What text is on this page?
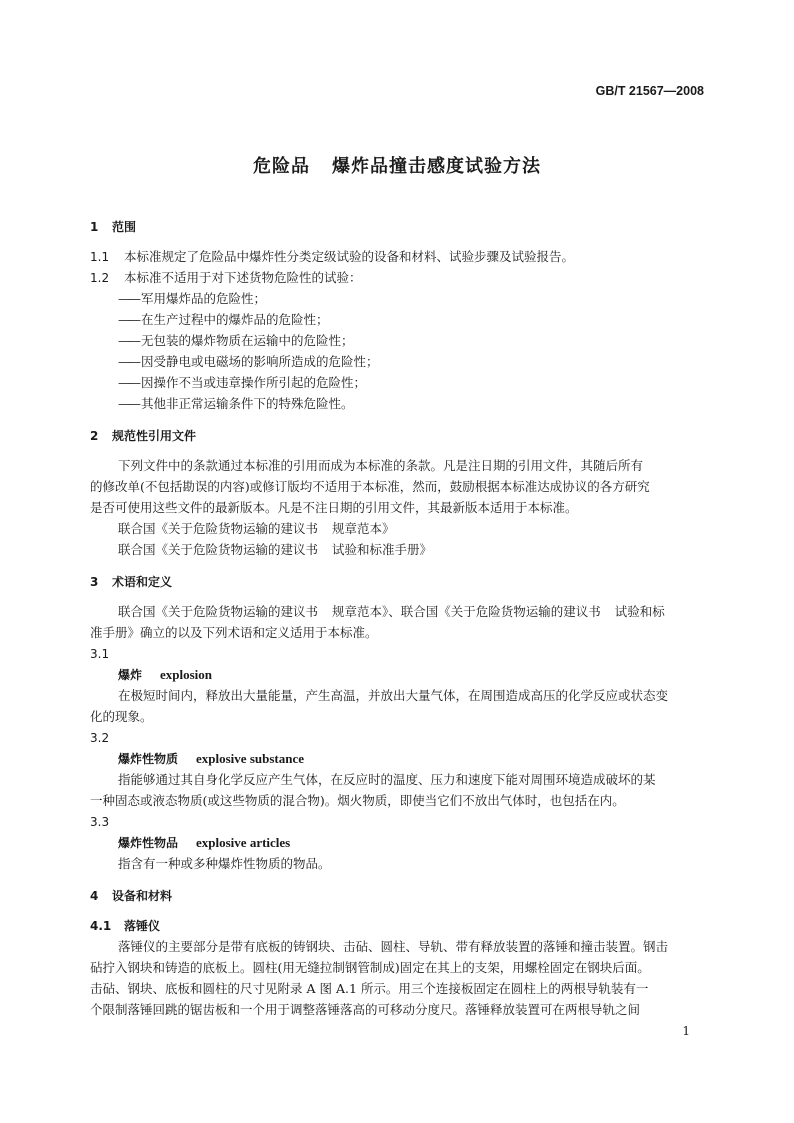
GB/T 21567—2008
危险品 爆炸品撞击感度试验方法
1 范围
1.1 本标准规定了危险品中爆炸性分类定级试验的设备和材料、试验步骤及试验报告。
1.2 本标准不适用于对下述货物危险性的试验：
—— 军用爆炸品的危险性；
—— 在生产过程中的爆炸品的危险性；
—— 无包装的爆炸物质在运输中的危险性；
—— 因受静电或电磁场的影响所造成的危险性；
—— 因操作不当或违章操作所引起的危险性；
—— 其他非正常运输条件下的特殊危险性。
2 规范性引用文件
下列文件中的条款通过本标准的引用而成为本标准的条款。凡是注日期的引用文件，其随后所有
的修改单(不包括勘误的内容)或修订版均不适用于本标准，然而，鼓励根据本标准达成协议的各方研究
是否可使用这些文件的最新版本。凡是不注日期的引用文件，其最新版本适用于本标准。
联合国《关于危险货物运输的建议书 规章范本》
联合国《关于危险货物运输的建议书 试验和标准手册》
3 术语和定义
联合国《关于危险货物运输的建议书 规章范本》、联合国《关于危险货物运输的建议书 试验和标
准手册》确立的以及下列术语和定义适用于本标准。
3.1
爆炸 explosion
在极短时间内，释放出大量能量，产生高温，并放出大量气体，在周围造成高压的化学反应或状态变
化的现象。
3.2
爆炸性物质 explosive substance
指能够通过其自身化学反应产生气体，在反应时的温度、压力和速度下能对周围环境造成破坏的某
一种固态或液态物质(或这些物质的混合物)。烟火物质，即使当它们不放出气体时，也包括在内。
3.3
爆炸性物品 explosive articles
指含有一种或多种爆炸性物质的物品。
4 设备和材料
4.1 落锤仪
落锤仪的主要部分是带有底板的铸钢块、击砧、圆柱、导轨、带有释放装置的落锤和撞击装置。钢击
砧拧入钢块和铸造的底板上。圆柱(用无缝拉制钢管制成)固定在其上的支架，用螺栓固定在钢块后面。
击砧、钢块、底板和圆柱的尺寸见附录 A 图 A.1 所示。用三个连接板固定在圆柱上的两根导轨装有一
个限制落锤回跳的锯齿板和一个用于调整落锤落高的可移动分度尺。落锤释放装置可在两根导轨之间
1
